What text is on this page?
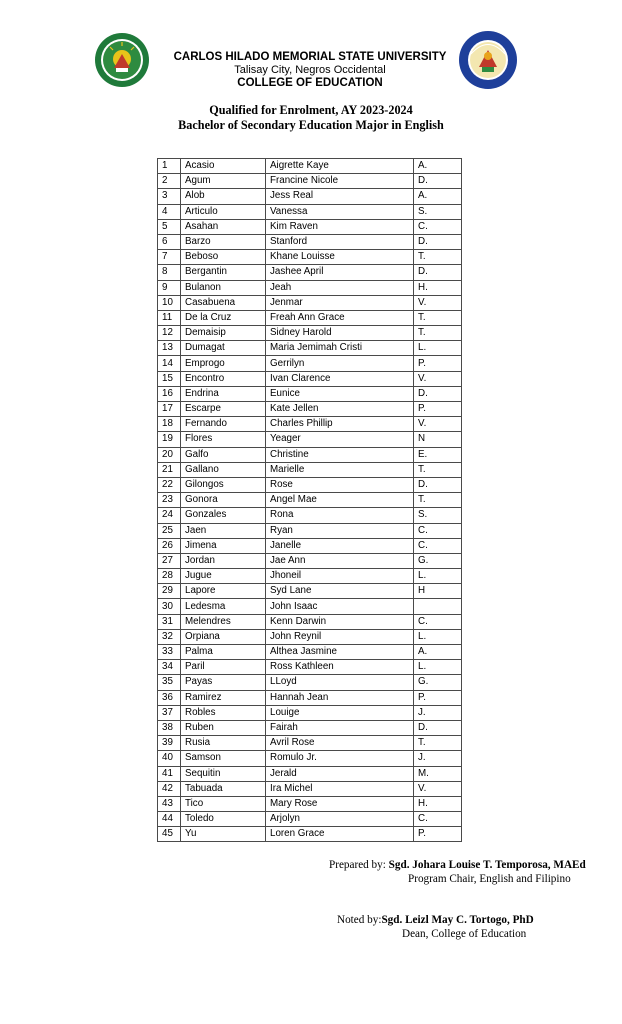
CARLOS HILADO MEMORIAL STATE UNIVERSITY
Talisay City, Negros Occidental
COLLEGE OF EDUCATION
Qualified for Enrolment, AY 2023-2024
Bachelor of Secondary Education Major in English
1	Acasio	Aigrette Kaye	A.
2	Agum	Francine Nicole	D.
3	Alob	Jess Real	A.
4	Articulo	Vanessa	S.
5	Asahan	Kim Raven	C.
6	Barzo	Stanford	D.
7	Beboso	Khane Louisse	T.
8	Bergantin	Jashee April	D.
9	Bulanon	Jeah	H.
10	Casabuena	Jenmar	V.
11	De la Cruz	Freah Ann Grace	T.
12	Demaisip	Sidney Harold	T.
13	Dumagat	Maria Jemimah Cristi	L.
14	Emprogo	Gerrilyn	P.
15	Encontro	Ivan Clarence	V.
16	Endrina	Eunice	D.
17	Escarpe	Kate Jellen	P.
18	Fernando	Charles Phillip	V.
19	Flores	Yeager	N
20	Galfo	Christine	E.
21	Gallano	Marielle	T.
22	Gilongos	Rose	D.
23	Gonora	Angel Mae	T.
24	Gonzales	Rona	S.
25	Jaen	Ryan	C.
26	Jimena	Janelle	C.
27	Jordan	Jae Ann	G.
28	Jugue	Jhoneil	L.
29	Lapore	Syd Lane	H
30	Ledesma	John Isaac	
31	Melendres	Kenn Darwin	C.
32	Orpiana	John Reynil	L.
33	Palma	Althea Jasmine	A.
34	Paril	Ross Kathleen	L.
35	Payas	LLoyd	G.
36	Ramirez	Hannah Jean	P.
37	Robles	Louige	J.
38	Ruben	Fairah	D.
39	Rusia	Avril Rose	T.
40	Samson	Romulo Jr.	J.
41	Sequitin	Jerald	M.
42	Tabuada	Ira Michel	V.
43	Tico	Mary Rose	H.
44	Toledo	Arjolyn	C.
45	Yu	Loren Grace	P.
Prepared by: Sgd. Johara Louise T. Temporosa, MAEd
Program Chair, English and Filipino
Noted by:Sgd. Leizl May C. Tortogo, PhD
Dean, College of Education
